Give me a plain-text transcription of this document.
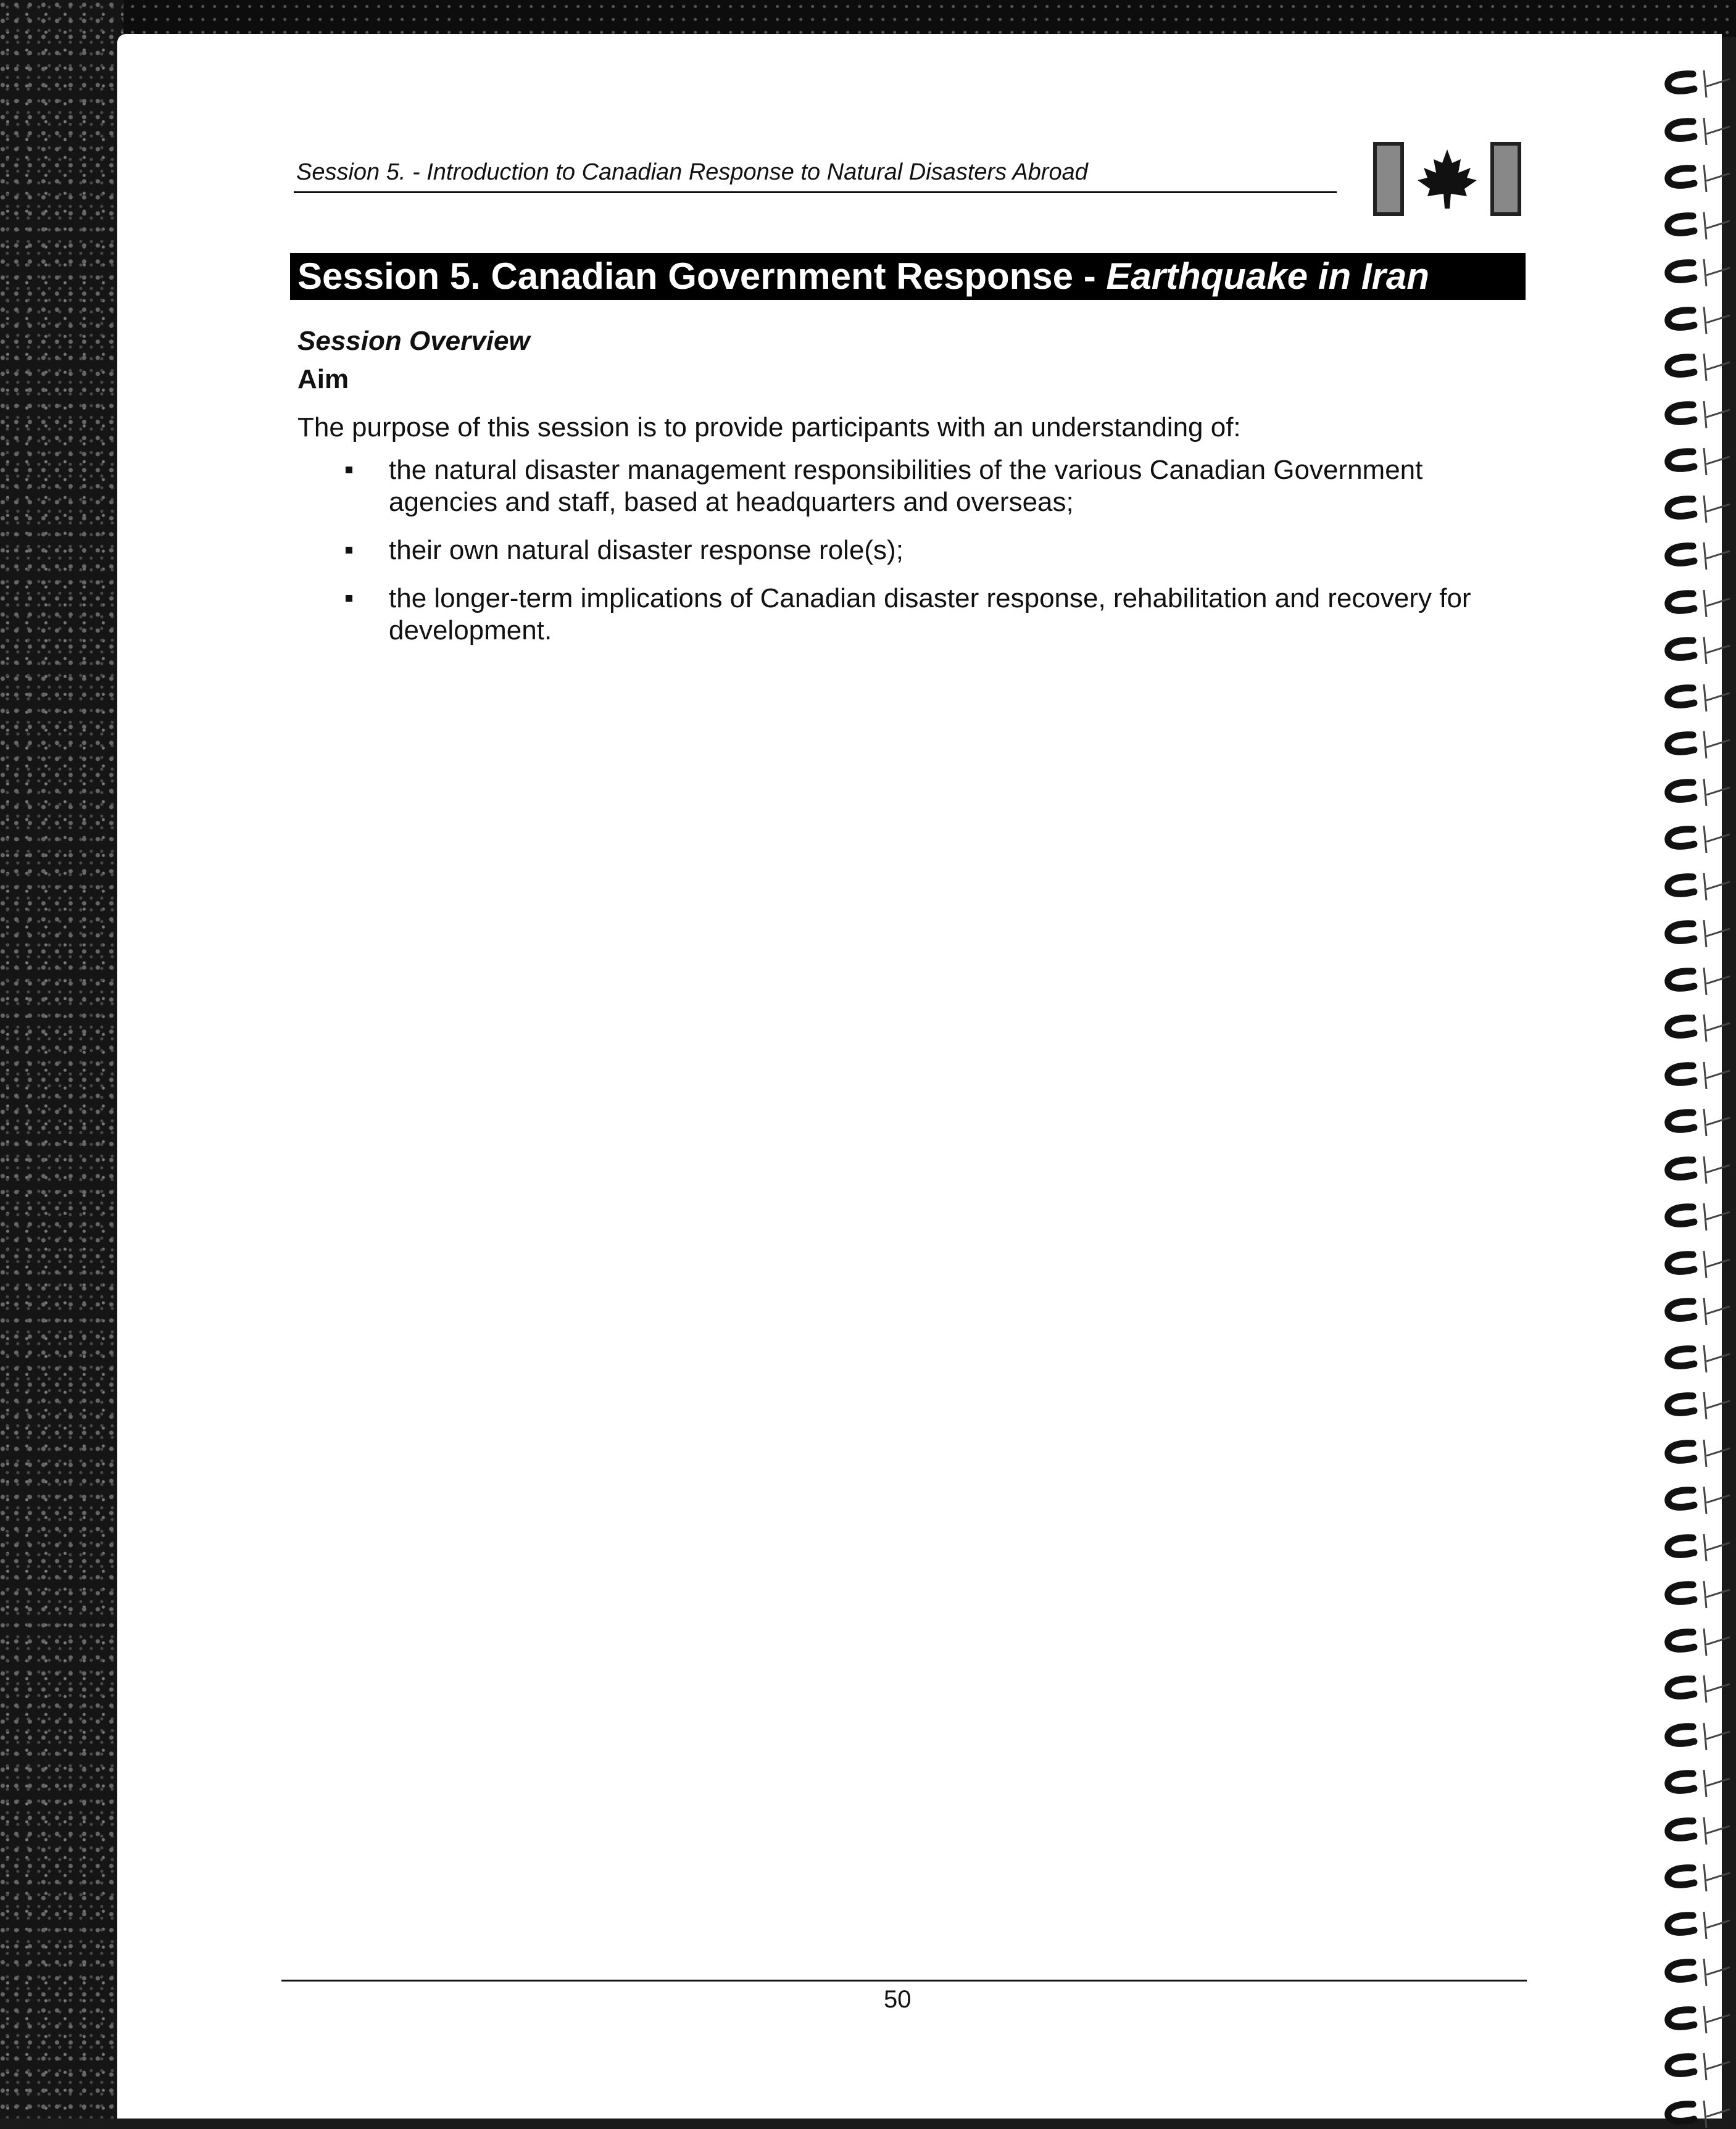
Session 5. - Introduction to Canadian Response to Natural Disasters Abroad
Session 5. Canadian Government Response - Earthquake in Iran
Session Overview
Aim
The purpose of this session is to provide participants with an understanding of:
the natural disaster management responsibilities of the various Canadian Government agencies and staff, based at headquarters and overseas;
their own natural disaster response role(s);
the longer-term implications of Canadian disaster response, rehabilitation and recovery for development.
50
